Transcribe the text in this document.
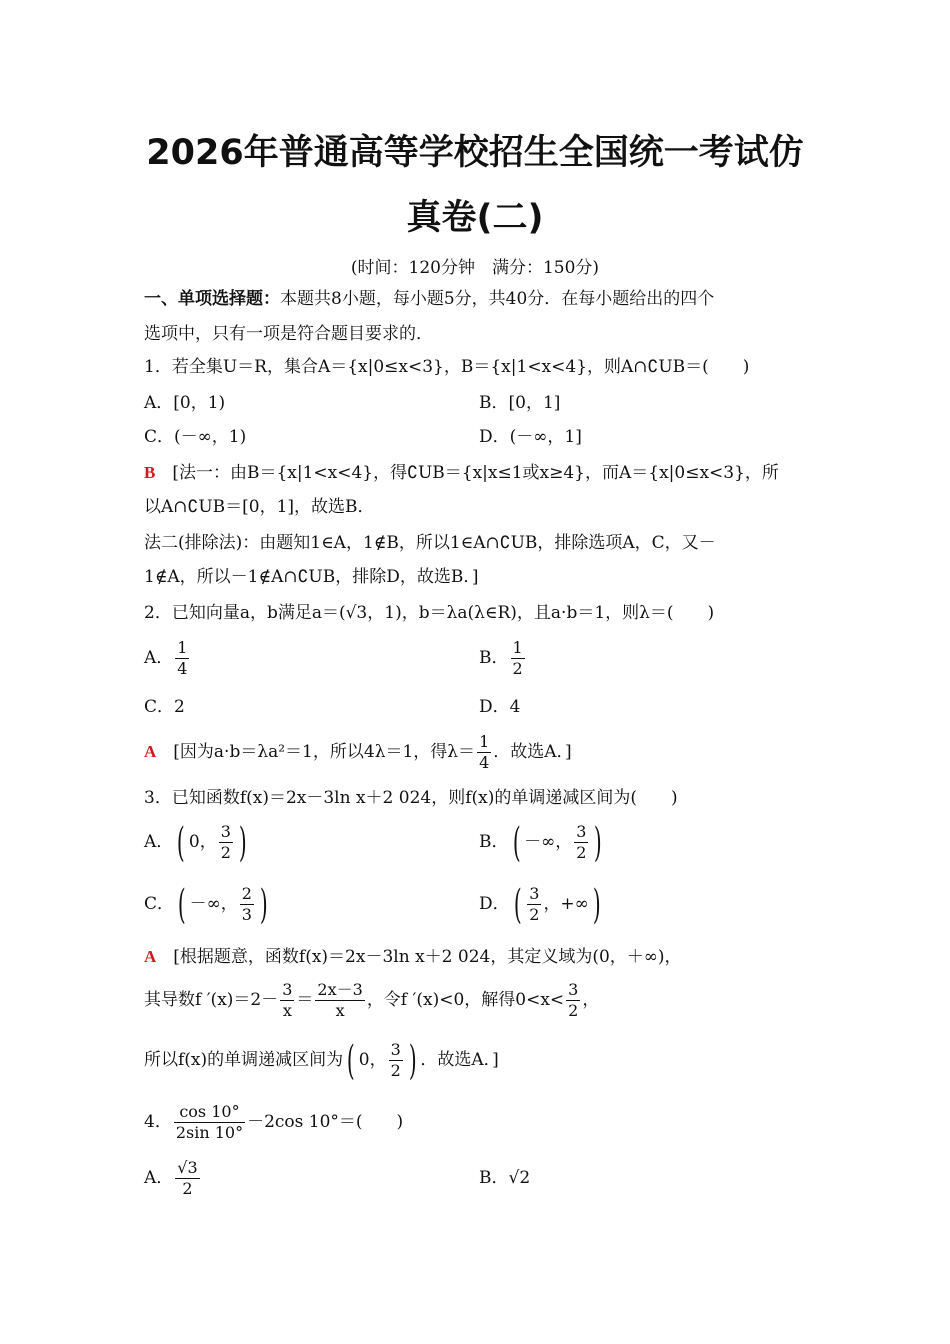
2026年普通高等学校招生全国统一考试仿
真卷(二)
(时间：120分钟　满分：150分)
一、单项选择题：本题共8小题，每小题5分，共40分．在每小题给出的四个
选项中，只有一项是符合题目要求的．
1．若全集U＝R，集合A＝{x|0≤x<3}，B＝{x|1<x<4}，则A∩∁UB＝(　　)
A．[0，1)	B．[0，1]
C．(－∞，1)	D．(－∞，1]
B　 [法一：由B＝{x|1<x<4}，得∁UB＝{x|x≤1或x≥4}，而A＝{x|0≤x<3}，所
以A∩∁UB＝[0，1]，故选B．
法二(排除法)：由题知1∈A，1∉B，所以1∈A∩∁UB，排除选项A，C，又－
1∉A，所以－1∉A∩∁UB，排除D，故选B．]
2．已知向量a，b满足a＝(√3，1)，b＝λa(λ∈R)，且a·b＝1，则λ＝(　　)
A． $\frac{1}{4}$	B． $\frac{1}{2}$
C．2	D．4
A　 [因为a·b＝λa²＝1，所以4λ＝1，得$\lambda= \frac{1}{4}$ ．故选A．]
3．已知函数f(x)＝2x－3ln x＋2 024，则f(x)的单调递减区间为(　　)
A．( 0， $\frac{3}{2}$ )	B．( －∞， $\frac{3}{2}$ )
C．( －∞， $\frac{2}{3}$ )	D．( $\frac{3}{2}$ ，+∞)
A　 [根据题意，函数f(x)＝2x－3ln x＋2 024，其定义域为(0，＋∞)，
其导数f $'(x)=2- \frac{3}{x} = \frac{2x-3}{x}$ ，令f ′(x)<0，解得$0<x< \frac{3}{2}$ ，
所以f(x)的单调递减区间为( 0， $\frac{3}{2}$ ) ．故选A．]
4． $\frac{\cos 10^\circ}{2\sin 10^\circ} -2\cos$ 10°＝(　　)
A． $\frac{√3}{2}$	B．√2
